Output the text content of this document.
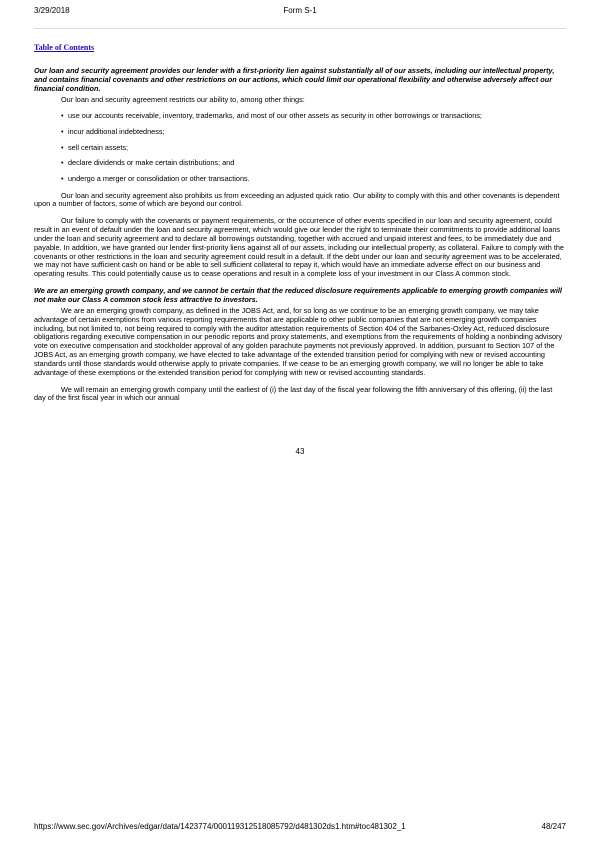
3/29/2018	Form S-1
Table of Contents

Our loan and security agreement provides our lender with a first-priority lien against substantially all of our assets, including our intellectual property, and contains financial covenants and other restrictions on our actions, which could limit our operational flexibility and otherwise adversely affect our financial condition.

Our loan and security agreement restricts our ability to, among other things:

• use our accounts receivable, inventory, trademarks, and most of our other assets as security in other borrowings or transactions;
• incur additional indebtedness;
• sell certain assets;
• declare dividends or make certain distributions; and
• undergo a merger or consolidation or other transactions.

Our loan and security agreement also prohibits us from exceeding an adjusted quick ratio. Our ability to comply with this and other covenants is dependent upon a number of factors, some of which are beyond our control.

Our failure to comply with the covenants or payment requirements, or the occurrence of other events specified in our loan and security agreement, could result in an event of default under the loan and security agreement, which would give our lender the right to terminate their commitments to provide additional loans under the loan and security agreement and to declare all borrowings outstanding, together with accrued and unpaid interest and fees, to be immediately due and payable. In addition, we have granted our lender first-priority liens against all of our assets, including our intellectual property, as collateral. Failure to comply with the covenants or other restrictions in the loan and security agreement could result in a default. If the debt under our loan and security agreement was to be accelerated, we may not have sufficient cash on hand or be able to sell sufficient collateral to repay it, which would have an immediate adverse effect on our business and operating results. This could potentially cause us to cease operations and result in a complete loss of your investment in our Class A common stock.

We are an emerging growth company, and we cannot be certain that the reduced disclosure requirements applicable to emerging growth companies will not make our Class A common stock less attractive to investors.

We are an emerging growth company, as defined in the JOBS Act, and, for so long as we continue to be an emerging growth company, we may take advantage of certain exemptions from various reporting requirements that are applicable to other public companies that are not emerging growth companies including, but not limited to, not being required to comply with the auditor attestation requirements of Section 404 of the Sarbanes-Oxley Act, reduced disclosure obligations regarding executive compensation in our periodic reports and proxy statements, and exemptions from the requirements of holding a nonbinding advisory vote on executive compensation and stockholder approval of any golden parachute payments not previously approved. In addition, pursuant to Section 107 of the JOBS Act, as an emerging growth company, we have elected to take advantage of the extended transition period for complying with new or revised accounting standards until those standards would otherwise apply to private companies. If we cease to be an emerging growth company, we will no longer be able to take advantage of these exemptions or the extended transition period for complying with new or revised accounting standards.

We will remain an emerging growth company until the earliest of (i) the last day of the fiscal year following the fifth anniversary of this offering, (ii) the last day of the first fiscal year in which our annual

43
https://www.sec.gov/Archives/edgar/data/1423774/000119312518085792/d481302ds1.htm#toc481302_1	48/247
